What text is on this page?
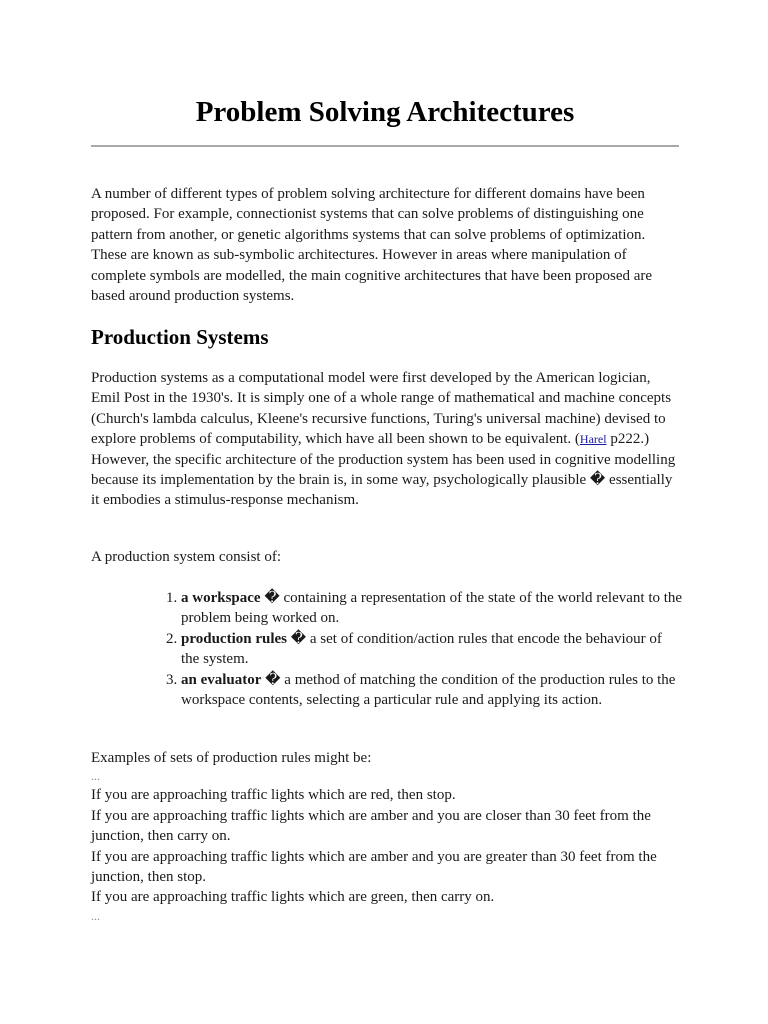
Problem Solving Architectures

A number of different types of problem solving architecture for different domains have been proposed. For example, connectionist systems that can solve problems of distinguishing one pattern from another, or genetic algorithms systems that can solve problems of optimization. These are known as sub-symbolic architectures. However in areas where manipulation of complete symbols are modelled, the main cognitive architectures that have been proposed are based around production systems.

Production Systems

Production systems as a computational model were first developed by the American logician, Emil Post in the 1930's. It is simply one of a whole range of mathematical and machine concepts (Church's lambda calculus, Kleene's recursive functions, Turing's universal machine) devised to explore problems of computability, which have all been shown to be equivalent. (Harel p222.) However, the specific architecture of the production system has been used in cognitive modelling because its implementation by the brain is, in some way, psychologically plausible � essentially it embodies a stimulus-response mechanism.

A production system consist of:

1. a workspace � containing a representation of the state of the world relevant to the problem being worked on.
2. production rules � a set of condition/action rules that encode the behaviour of the system.
3. an evaluator � a method of matching the condition of the production rules to the workspace contents, selecting a particular rule and applying its action.
Examples of sets of production rules might be:
...
If you are approaching traffic lights which are red, then stop.
If you are approaching traffic lights which are amber and you are closer than 30 feet from the junction, then carry on.
If you are approaching traffic lights which are amber and you are greater than 30 feet from the junction, then stop.
If you are approaching traffic lights which are green, then carry on.
...
